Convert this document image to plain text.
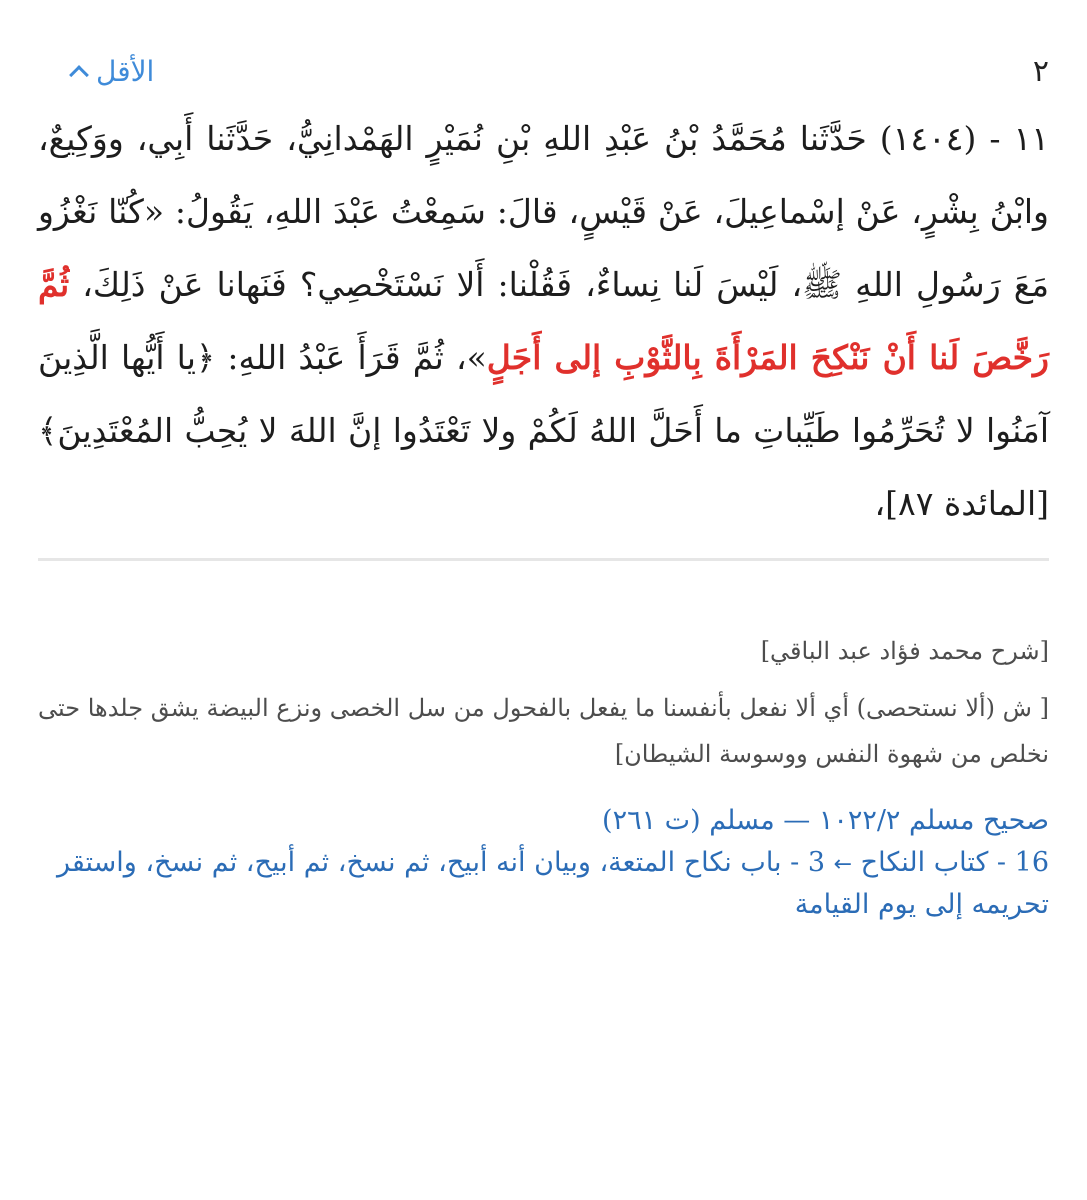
٢
الأقل

١١ - (١٤٠٤) حَدَّثَنا مُحَمَّدُ بْنُ عَبْدِ اللهِ بْنِ نُمَيْرٍ الهَمْدانِيُّ، حَدَّثَنا أَبِي، ووَكِيعٌ، وابْنُ بِشْرٍ، عَنْ إسْماعِيلَ، عَنْ قَيْسٍ، قالَ: سَمِعْتُ عَبْدَ اللهِ، يَقُولُ: «كُنّا نَغْزُو مَعَ رَسُولِ اللهِ ﷺ، لَيْسَ لَنا نِساءٌ، فَقُلْنا: أَلا نَسْتَخْصِي؟ فَنَهانا عَنْ ذَلِكَ، ثُمَّ رَخَّصَ لَنا أَنْ نَنْكِحَ المَرْأَةَ بِالثَّوْبِ إلى أَجَلٍ»، ثُمَّ قَرَأَ عَبْدُ اللهِ: ﴿يا أَيُّها الَّذِينَ آمَنُوا لا تُحَرِّمُوا طَيِّباتِ ما أَحَلَّ اللهُ لَكُمْ ولا تَعْتَدُوا إنَّ اللهَ لا يُحِبُّ المُعْتَدِينَ﴾ [المائدة ٨٧]،

[شرح محمد فؤاد عبد الباقي]
[ ش (ألا نستحصى) أي ألا نفعل بأنفسنا ما يفعل بالفحول من سل الخصى ونزع البيضة يشق جلدها حتى نخلص من شهوة النفس ووسوسة الشيطان]
صحيح مسلم ١٠٢٢/٢ — مسلم (ت ٢٦١)
16 - كتاب النكاح ← 3 - باب نكاح المتعة، وبيان أنه أبيح، ثم نسخ، ثم أبيح، ثم نسخ، واستقر تحريمه إلى يوم القيامة
